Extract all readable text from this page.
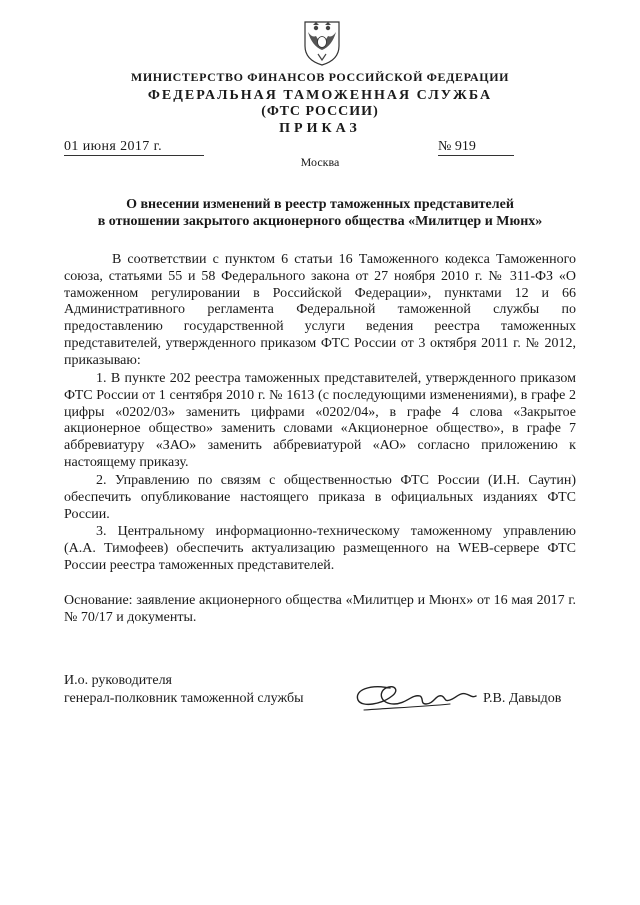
МИНИСТЕРСТВО ФИНАНСОВ РОССИЙСКОЙ ФЕДЕРАЦИИ
ФЕДЕРАЛЬНАЯ ТАМОЖЕННАЯ СЛУЖБА
(ФТС РОССИИ)
ПРИКАЗ
01 июня 2017 г.	№ 919
Москва
О внесении изменений в реестр таможенных представителей
в отношении закрытого акционерного общества «Милитцер и Мюнх»
В соответствии с пунктом 6 статьи 16 Таможенного кодекса Таможенного союза, статьями 55 и 58 Федерального закона от 27 ноября 2010 г. № 311-ФЗ «О таможенном регулировании в Российской Федерации», пунктами 12 и 66 Административного регламента Федеральной таможенной службы по предоставлению государственной услуги ведения реестра таможенных представителей, утвержденного приказом ФТС России от 3 октября 2011 г. № 2012, приказываю:
1. В пункте 202 реестра таможенных представителей, утвержденного приказом ФТС России от 1 сентября 2010 г. № 1613 (с последующими изменениями), в графе 2 цифры «0202/03» заменить цифрами «0202/04», в графе 4 слова «Закрытое акционерное общество» заменить словами «Акционерное общество», в графе 7 аббревиатуру «ЗАО» заменить аббревиатурой «АО» согласно приложению к настоящему приказу.
2. Управлению по связям с общественностью ФТС России (И.Н. Саутин) обеспечить опубликование настоящего приказа в официальных изданиях ФТС России.
3. Центральному информационно-техническому таможенному управлению (А.А. Тимофеев) обеспечить актуализацию размещенного на WEB-сервере ФТС России реестра таможенных представителей.
Основание: заявление акционерного общества «Милитцер и Мюнх» от 16 мая 2017 г. № 70/17 и документы.
И.о. руководителя
генерал-полковник таможенной службы	Р.В. Давыдов
